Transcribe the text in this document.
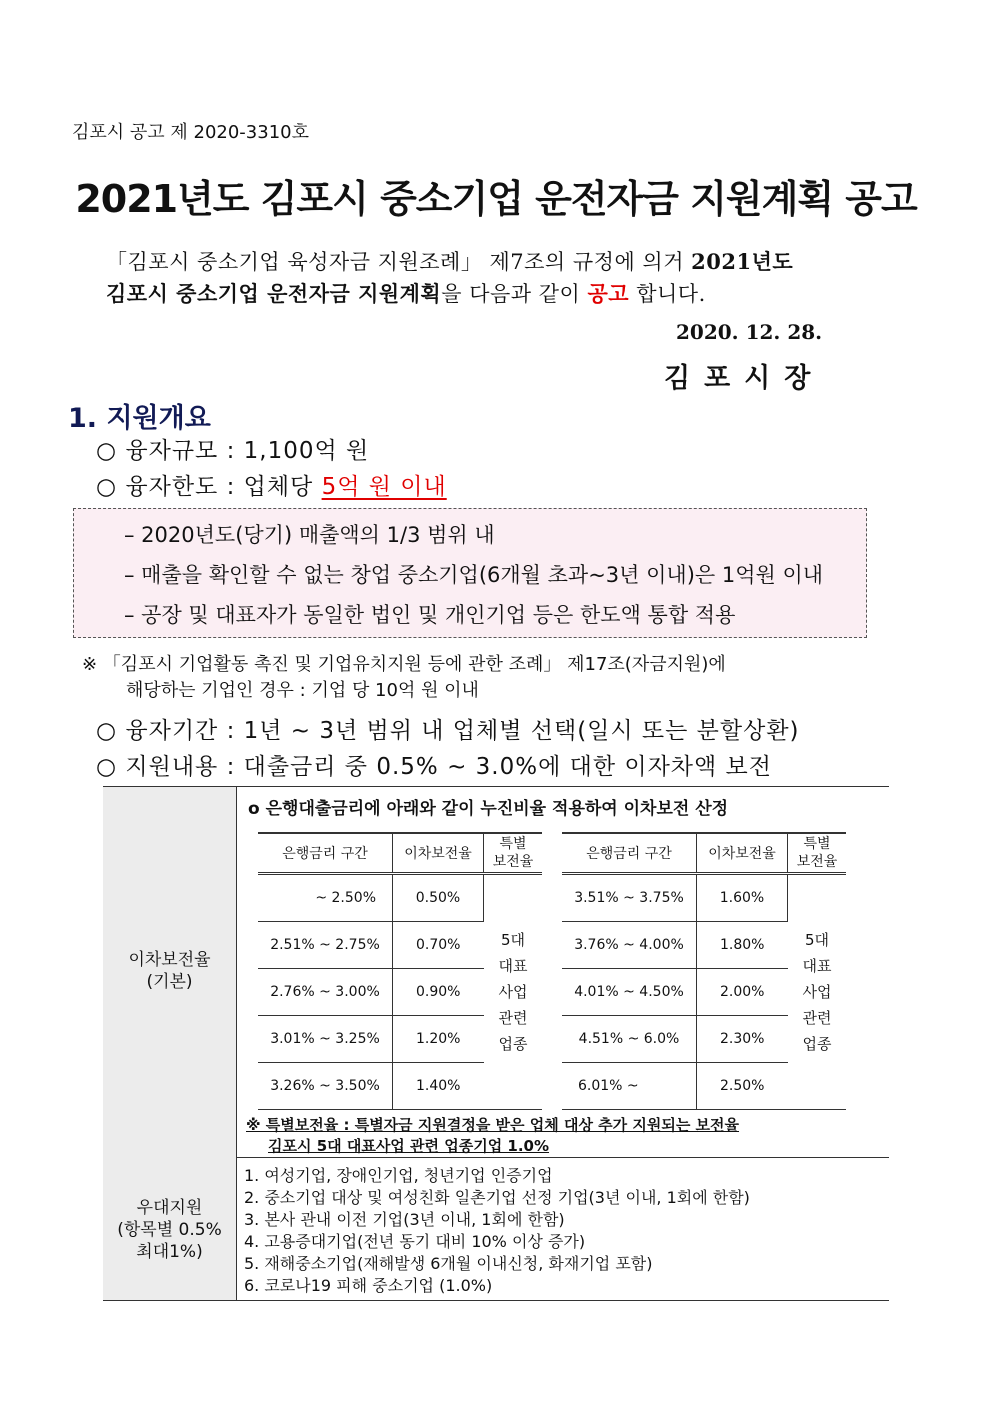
김포시 공고 제 2020-3310호
2021년도 김포시 중소기업 운전자금 지원계획 공고
「김포시 중소기업 육성자금 지원조례」 제7조의 규정에 의거 2021년도
김포시 중소기업 운전자금 지원계획을 다음과 같이 공고 합니다.
2020. 12. 28.
김포시장
1. 지원개요
○ 융자규모 : 1,100억 원
○ 융자한도 : 업체당 5억 원 이내
– 2020년도(당기) 매출액의 1/3 범위 내
– 매출을 확인할 수 없는 창업 중소기업(6개월 초과~3년 이내)은 1억원 이내
– 공장 및 대표자가 동일한 법인 및 개인기업 등은 한도액 통합 적용
※ 「김포시 기업활동 촉진 및 기업유치지원 등에 관한 조례」 제17조(자금지원)에
해당하는 기업인 경우 : 기업 당 10억 원 이내
○ 융자기간 : 1년 ~ 3년 범위 내 업체별 선택(일시 또는 분할상환)
○ 지원내용 : 대출금리 중 0.5% ~ 3.0%에 대한 이자차액 보전
이차보전율
(기본)
o 은행대출금리에 아래와 같이 누진비율 적용하여 이차보전 산정
은행금리 구간	이차보전율	특별
보전율
~ 2.50%	0.50%	5대
대표
사업
관련
업종
2.51% ~ 2.75%	0.70%	
2.76% ~ 3.00%	0.90%	
3.01% ~ 3.25%	1.20%	
3.26% ~ 3.50%	1.40%	
은행금리 구간	이차보전율	특별
보전율
3.51% ~ 3.75%	1.60%	5대
대표
사업
관련
업종
3.76% ~ 4.00%	1.80%	
4.01% ~ 4.50%	2.00%	
4.51% ~ 6.0%	2.30%	
6.01% ~	2.50%	
※ 특별보전율 : 특별자금 지원결정을 받은 업체 대상 추가 지원되는 보전율
김포시 5대 대표사업 관련 업종기업 1.0%
우대지원
(항목별 0.5%
최대1%)
1. 여성기업, 장애인기업, 청년기업 인증기업
2. 중소기업 대상 및 여성친화 일촌기업 선정 기업(3년 이내, 1회에 한함)
3. 본사 관내 이전 기업(3년 이내, 1회에 한함)
4. 고용증대기업(전년 동기 대비 10% 이상 증가)
5. 재해중소기업(재해발생 6개월 이내신청, 화재기업 포함)
6. 코로나19 피해 중소기업 (1.0%)
